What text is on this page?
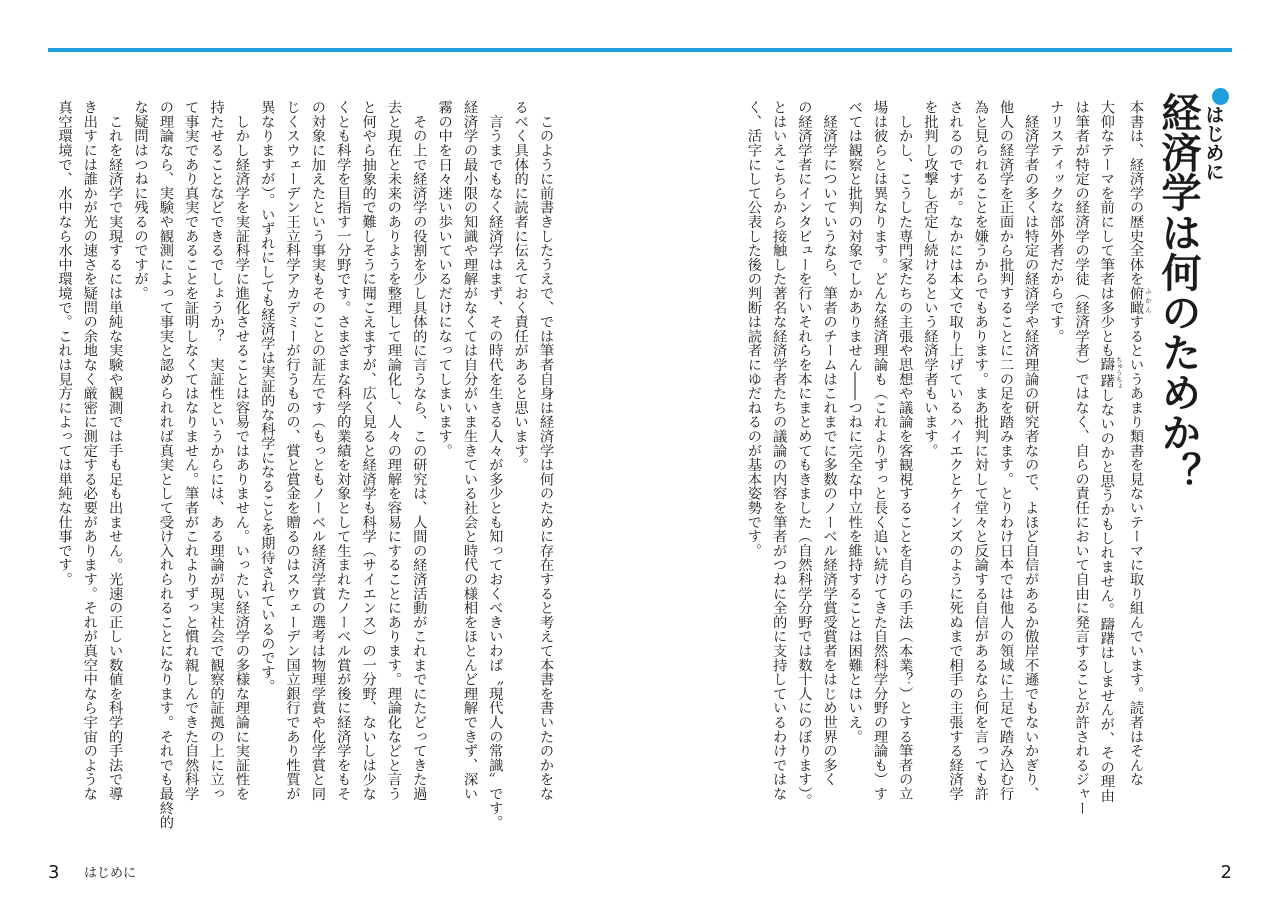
はじめに
経済学は何のためか？
本書は、経済学の歴史全体を俯瞰 ふかんするというあまり類書を見ないテーマに取り組んでいます。読者はそんな
大仰なテーマを前にして筆者は多少とも躊躇 ちゅうちょしないのかと思うかもしれません。躊躇はしませんが、その理由
は筆者が特定の経済学の学徒（経済学者）ではなく、自らの責任において自由に発言することが許されるジャー
ナリスティックな部外者だからです。
　経済学者の多くは特定の経済学や経済理論の研究者なので、よほど自信があるか傲岸不遜でもないかぎり、
他人の経済学を正面から批判することに二の足を踏みます。とりわけ日本では他人の領域に土足で踏み込む行
為と見られることを嫌うからでもあります。まあ批判に対して堂々と反論する自信があるなら何を言っても許
されるのですが。なかには本文で取り上げているハイエクとケインズのように死ぬまで相手の主張する経済学
を批判し攻撃し否定し続けるという経済学者もいます。
　しかし、こうした専門家たちの主張や思想や議論を客観視することを自らの手法（本業？）とする筆者の立
場は彼らとは異なります。どんな経済理論も（これよりずっと長く追い続けてきた自然科学分野の理論も）す
べては観察と批判の対象でしかありません――つねに完全な中立性を維持することは困難とはいえ。
　経済学についていうなら、筆者のチームはこれまでに多数のノーベル経済学賞受賞者をはじめ世界の多く
の経済学者にインタビューを行いそれらを本にまとめてもきました（自然科学分野では数十人にのぼります）。
とはいえこちらから接触した著名な経済学者たちの議論の内容を筆者がつねに全的に支持しているわけではな
く、活字にして公表した後の判断は読者にゆだねるのが基本姿勢です。
2
　このように前書きしたうえで、では筆者自身は経済学は何のために存在すると考えて本書を書いたのかをな
るべく具体的に読者に伝えておく責任があると思います。
　言うまでもなく経済学はまず、その時代を生きる人々が多少とも知っておくべきいわば〝現代人の常識〟です。
経済学の最小限の知識や理解がなくては自分がいま生きている社会と時代の様相をほとんど理解できず、深い
霧の中を日々迷い歩いているだけになってしまいます。
　その上で経済学の役割を少し具体的に言うなら、この研究は、人間の経済活動がこれまでにたどってきた過
去と現在と未来のありようを整理して理論化し、人々の理解を容易にすることにあります。理論化などと言う
と何やら抽象的で難しそうに聞こえますが、広く見ると経済学も科学（サイエンス）の一分野、ないしは少な
くとも科学を目指す一分野です。さまざまな科学的業績を対象として生まれたノーベル賞が後に経済学をもそ
の対象に加えたという事実もそのことの証左です（もっともノーベル経済学賞の選考は物理学賞や化学賞と同
じくスウェーデン王立科学アカデミーが行うものの、賞と賞金を贈るのはスウェーデン国立銀行であり性質が
異なりますが）。いずれにしても経済学は実証的な科学になることを期待されているのです。
　しかし経済学を実証科学に進化させることは容易ではありません。いったい経済学の多様な理論に実証性を
持たせることなどできるでしょうか？　実証性というからには、ある理論が現実社会で観察的証拠の上に立っ
て事実であり真実であることを証明しなくてはなりません。筆者がこれよりずっと慣れ親しんできた自然科学
の理論なら、実験や観測によって事実と認められれば真実として受け入れられることになります。それでも最終的
な疑問はつねに残るのですが。
　これを経済学で実現するには単純な実験や観測では手も足も出ません。光速の正しい数値を科学的手法で導
き出すには誰かが光の速さを疑問の余地なく厳密に測定する必要があります。それが真空中なら宇宙のような
真空環境で、水中なら水中環境で。これは見方によっては単純な仕事です。
3 はじめに
